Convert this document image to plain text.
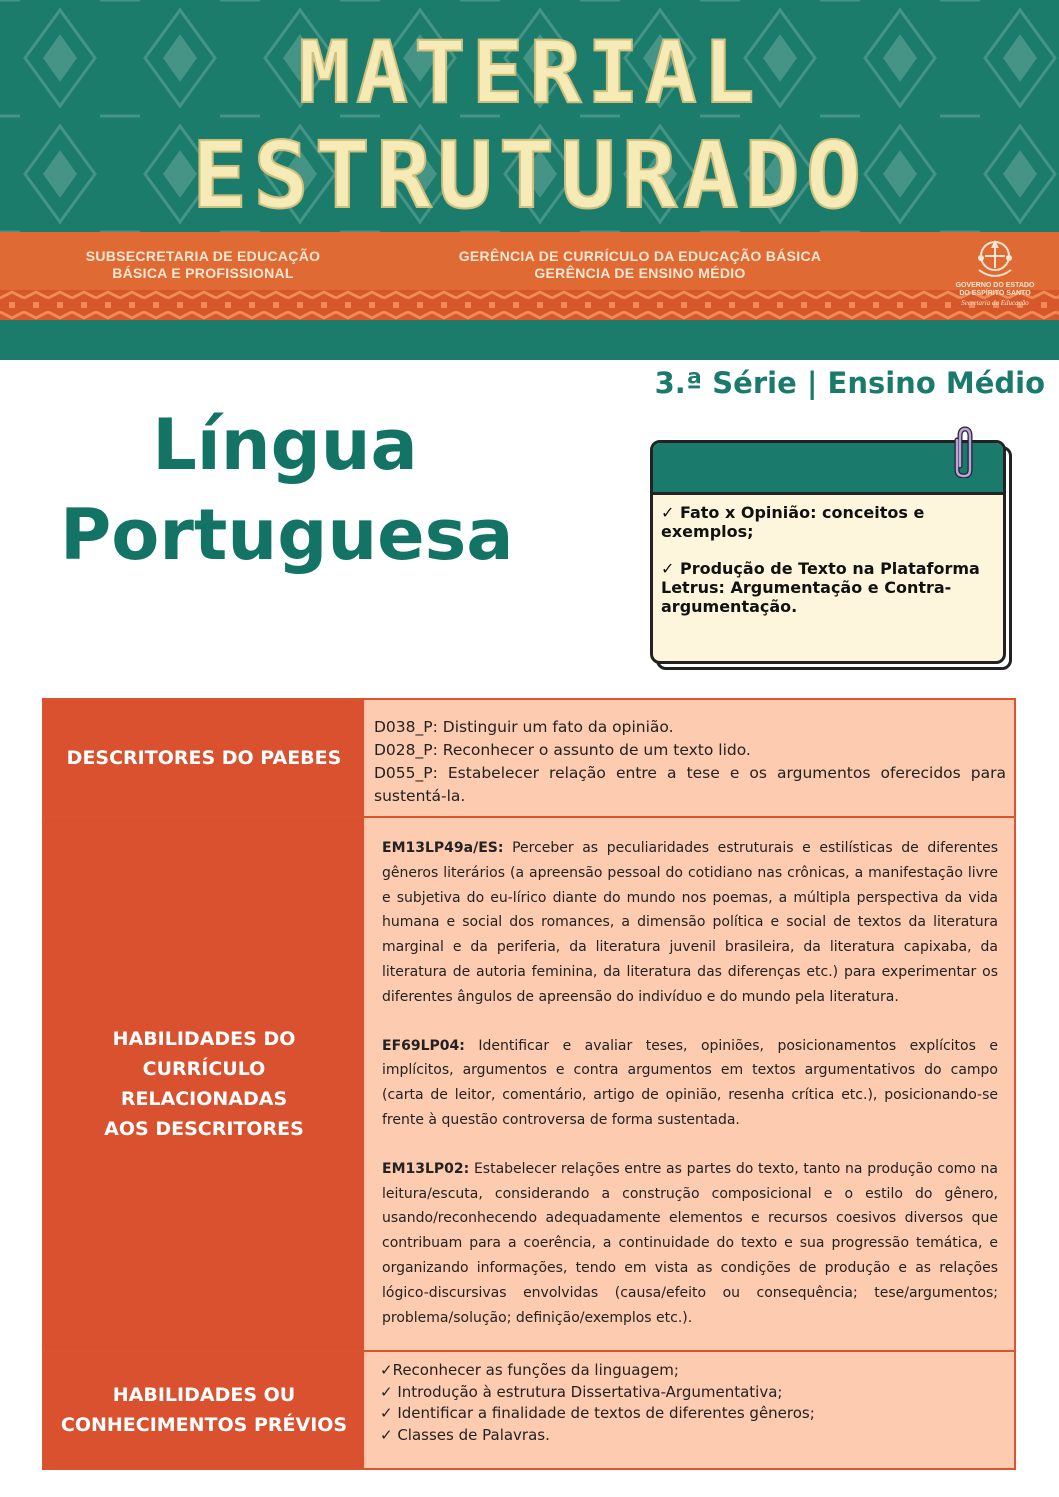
MATERIAL
ESTRUTURADO
SUBSECRETARIA DE EDUCAÇÃO
BÁSICA E PROFISSIONAL
GERÊNCIA DE CURRÍCULO DA EDUCAÇÃO BÁSICA
GERÊNCIA DE ENSINO MÉDIO
GOVERNO DO ESTADO
DO ESPÍRITO SANTO
Secretaria da Educação
3.ª Série | Ensino Médio
Língua
Portuguesa	✓ Fato x Opinião: conceitos e exemplos;
✓ Produção de Texto na Plataforma Letrus: Argumentação e Contra-argumentação.
DESCRITORES DO PAEBES
D038_P: Distinguir um fato da opinião.
D028_P: Reconhecer o assunto de um texto lido.
D055_P: Estabelecer relação entre a tese e os argumentos oferecidos para sustentá-la.
HABILIDADES DO
CURRÍCULO
RELACIONADAS
AOS DESCRITORES

EM13LP49a/ES: Perceber as peculiaridades estruturais e estilísticas de diferentes gêneros literários (a apreensão pessoal do cotidiano nas crônicas, a manifestação livre e subjetiva do eu-lírico diante do mundo nos poemas, a múltipla perspectiva da vida humana e social dos romances, a dimensão política e social de textos da literatura marginal e da periferia, da literatura juvenil brasileira, da literatura capixaba, da literatura de autoria feminina, da literatura das diferenças etc.) para experimentar os diferentes ângulos de apreensão do indivíduo e do mundo pela literatura.

EF69LP04: Identificar e avaliar teses, opiniões, posicionamentos explícitos e implícitos, argumentos e contra argumentos em textos argumentativos do campo (carta de leitor, comentário, artigo de opinião, resenha crítica etc.), posicionando-se frente à questão controversa de forma sustentada.

EM13LP02: Estabelecer relações entre as partes do texto, tanto na produção como na leitura/escuta, considerando a construção composicional e o estilo do gênero, usando/reconhecendo adequadamente elementos e recursos coesivos diversos que contribuam para a coerência, a continuidade do texto e sua progressão temática, e organizando informações, tendo em vista as condições de produção e as relações lógico-discursivas envolvidas (causa/efeito ou consequência; tese/argumentos; problema/solução; definição/exemplos etc.).

HABILIDADES OU
CONHECIMENTOS PRÉVIOS
✓Reconhecer as funções da linguagem;
✓ Introdução à estrutura Dissertativa-Argumentativa;
✓ Identificar a finalidade de textos de diferentes gêneros;
✓ Classes de Palavras.
